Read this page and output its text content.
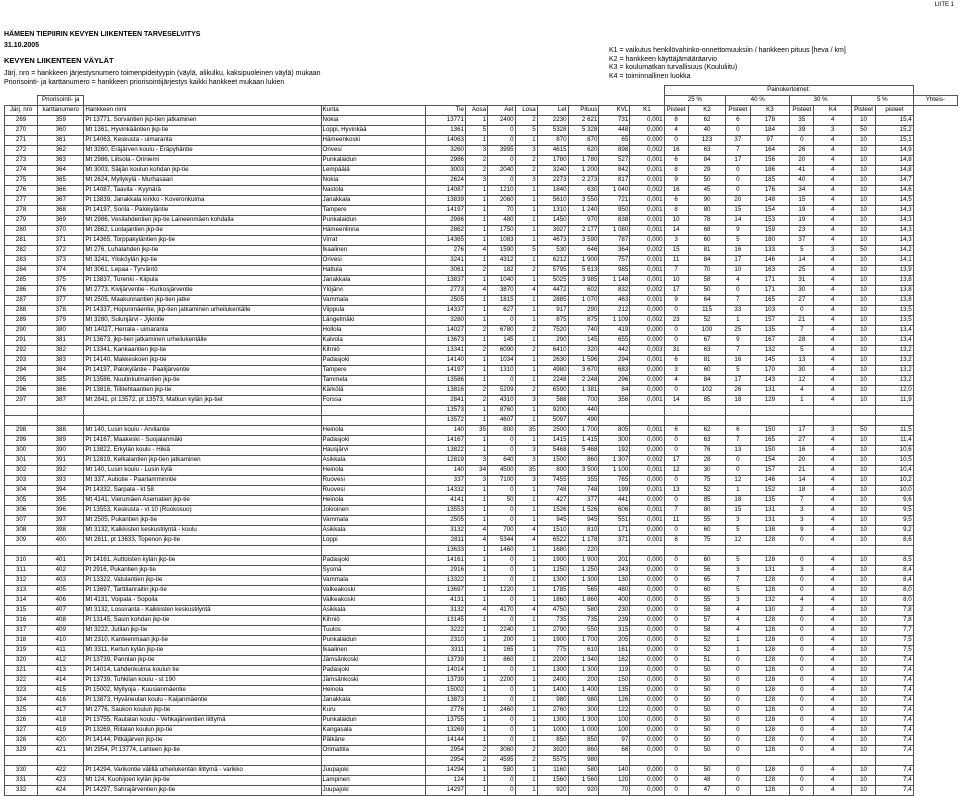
LIITE 1
HÄMEEN TIEPIIRIN KEVYEN LIIKENTEEN TARVESELVITYS
31.10.2005
KEVYEN LIIKENTEEN VÄYLÄT
Järj. nro = hankkeen järjestysnumero toimenpideityypin (väylä, alikulku, kaksipuoleinen väylä) mukaan
Priorisointi- ja karttanumero = hankkeen priorisointijärjestys kaikki hankkeet mukaan lukien
K1 = vaikutus henkilövahinko-onnettomuuksiin / hankkeen pituus [heva / km]
K2 = hankkeen käyttäjämääräarvio
K3 = koulumatkan turvallisuus (Koululiitu)
K4 = toiminnallinen luokka
												Painokertoimet:								
	Priorisointi- ja											25 %		40 %		30 %		5 %		Yhteis-
Järj. nro	karttanumero	Hankkeen nimi	Kunta	Tie	Aosa	Aet	Losa	Let	Pituus	KVL	K1	Pisteet	K2	Pisteet	K3	Pisteet	K4	Pisteet	pisteet	
269	359	Pt 13771, Sorvantien jkp-tien jatkaminen	Nokia	13771	1	2400	2	2230	2 621	731	0,001	8	62	6	178	35	4	10	15,4	
270	360	Mt 1361, Hyvinkääntien jkp-tie	Loppi, Hyvinkää	1361	5	0	5	5328	5 328	448	0,000	4	40	0	184	39	3	50	15,2	
271	361	Pt 14063, Keskusta - uimaranta	Hämeenkoski	14063	1	0	1	870	870	65	0,000	0	123	37	97	0	4	10	15,1	
272	362	Mt 3260, Eräjärven koulu - Eräpyhäntie	Orivesi	3260	3	3995	3	4615	620	898	0,002	16	63	7	164	26	4	10	14,9	
273	363	Mt 2986, Liitsola - Oriniemi	Punkalaidun	2986	2	0	2	1780	1 780	527	0,001	6	84	17	156	20	4	10	14,8	
274	364	Mt 3003, Säijän koulun kohdan jkp-tie	Lempäälä	3003	2	2040	2	3240	1 200	842	0,001	8	29	0	186	41	4	10	14,8	
275	365	Mt 2624, Myllykylä - Murhasaari	Nokia	2624	3	0	3	2273	2 273	817	0,001	9	50	0	185	40	4	10	14,7	
276	366	Pt 14087, Taavila - Kyynärä	Nastola	14087	1	1210	1	1840	630	1 040	0,002	16	45	0	176	34	4	10	14,6	
277	367	Pt 13839, Janakkala kirkko - Koveronkulma	Janakkala	13839	1	2060	1	5610	3 550	721	0,001	6	90	20	148	15	4	10	14,5	
278	368	Pt 14197, Sorila - Palokyläntie	Tampere	14197	1	70	1	1310	1 240	950	0,001	8	80	15	154	19	4	10	14,3	
279	369	Mt 2986, Vesilahdentien jkp-tie Laineenmäen kohdalla	Punkalaidun	2986	1	480	1	1450	970	838	0,001	10	78	14	153	19	4	10	14,3	
280	370	Mt 2862, Luolajantien jkp-tie	Hämeenlinna	2862	1	1750	1	3927	2 177	1 080	0,001	14	68	9	159	23	4	10	14,3	
281	371	Pt 14365, Torppakyläntien jkp-tie	Virrat	14365	1	1083	1	4673	3 590	787	0,000	3	60	5	180	37	4	10	14,3	
282	372	Mt 276, Luhalahden jkp-tie	Ikaalinen	276	4	1590	5	530	646	364	0,002	15	81	16	133	5	3	50	14,2	
283	373	Mt 3241, Ylisköylän jkp-tie	Orivesi	3241	1	4312	1	6212	1 900	757	0,001	11	84	17	146	14	4	10	14,1	
284	374	Mt 3061, Lepaa - Tyrväntö	Hattula	3061	2	182	2	5795	5 613	985	0,001	7	70	10	163	25	4	10	13,9	
285	375	Pt 13837, Turenki - Kiipula	Janakkala	13837	1	1040	1	5025	3 985	1 148	0,001	10	58	4	171	31	4	10	13,8	
286	376	Mt 2773, Kivijärventie - Kurkosjärventie	Ylöjärvi	2773	4	3870	4	4472	602	832	0,002	17	50	0	171	30	4	10	13,8	
287	377	Mt 2505, Maakunnantien jkp-tien jatke	Vammala	2505	1	1815	1	2885	1 070	463	0,001	9	64	7	165	27	4	10	13,8	
288	378	Pt 14337, Hopunmäentie, jkp-tien jatkaminen urheilukentälle	Viippula	14337	1	627	1	917	290	212	0,000	0	115	33	103	0	4	10	13,5	
289	379	Mt 3280, Sulunjärvi - Jykintie	Längelmäki	3280	1	0	1	875	875	1 109	0,002	23	52	1	157	21	4	10	13,5	
290	380	Mt 14027, Herrala - uimaranta	Hollola	14027	2	6780	2	7520	740	419	0,000	0	100	25	135	7	4	10	13,4	
291	381	Pt 13673, jkp-tien jatkaminen urheilukentälle	Kalvola	13673	1	145	1	290	145	655	0,000	0	67	9	167	28	4	10	13,4	
292	382	Pt 13341, Kankaantien jkp-tie	Kihniö	13341	2	6090	2	6410	320	442	0,003	31	63	7	132	5	4	10	13,2	
293	383	Pt 14140, Makkeskoen jkp-tie	Padasjoki	14140	1	1034	1	2630	1 596	294	0,001	6	81	16	145	13	4	10	13,2	
294	384	Pt 14197, Palokyläntie - Paalijärventie	Tampere	14197	1	1310	1	4980	3 670	683	0,000	3	60	5	170	30	4	10	13,2	
295	385	Pt 13586, Nuutinkulmantien jkp-tie	Tammela	13586	1	0	1	2248	2 248	296	0,000	4	84	17	143	12	4	10	13,2	
296	386	Pt 13816, Tiilitehtaantien jkp-tie	Kärkölä	13816	2	5209	2	6590	1 381	84	0,000	0	102	26	131	4	4	10	12,0	
297	387	Mt 2841, pt 13572, pt 13573, Matkun kylän jkp-tiet	Forssa	2841	2	4310	3	588	700	356	0,001	14	85	18	129	1	4	10	11,9	
				13573	1	8760	1	9200	440											
				13572	1	4607	1	5097	490											
298	388	Mt 140, Lusin koulu - Arvilantie	Heinola	140	35	800	35	2500	1 700	805	0,001	6	62	6	150	17	3	50	11,5	
299	389	Pt 14167, Maakeski - Suojalanmäki	Padasjoki	14167	1	0	1	1415	1 415	300	0,000	0	63	7	165	27	4	10	11,4	
300	390	Pt 13822, Erkylän koulu - Hikiä	Hausjärvi	13822	1	0	3	5468	5 468	192	0,000	0	76	13	150	16	4	10	10,6	
301	391	Pt 12819, Kelkalantien jkp-tien jatkaminen	Asikkala	12819	3	640	3	1500	860	1 307	0,002	17	28	0	154	20	4	10	10,5	
302	392	Mt 140, Lusin koulu - Lusin kylä	Heinola	140	34	4500	35	800	3 500	1 100	0,001	12	30	0	157	21	4	10	10,4	
303	393	Mt 337, Autiotie - Paarlamminntie	Ruovesi	337	3	7100	3	7455	355	765	0,000	0	75	12	146	14	4	10	10,2	
304	394	Pt 14332, Sarpala - kt 58	Ruovesi	14332	1	0	1	748	748	199	0,001	13	52	1	152	18	4	10	10,0	
305	395	Mt 4141, Vierumäen Asematien jkp-tie	Heinola	4141	1	50	1	427	377	441	0,000	0	85	18	135	7	4	10	9,6	
306	396	Pt 13553, Keskusta - vt 10 (Ruokosuo)	Jokioinen	13553	1	0	1	1526	1 526	606	0,001	7	80	15	131	3	4	10	9,5	
307	397	Mt 2505, Pukantien jkp-tie	Vammala	2505	1	0	1	945	945	551	0,001	11	55	3	131	3	4	10	9,5	
308	398	Mt 3132, Kalkkisten keskustilyntä - koulu	Asikkala	3132	4	700	4	1510	810	171	0,000	0	60	5	138	9	4	10	9,2	
309	400	Mt 2811, pt 13633, Topenon jkp-tie	Loppi	2811	4	5344	4	6522	1 178	371	0,001	8	75	12	128	0	4	10	8,6	
				13633	1	1460	1	1680	220											
310	401	Pt 14161, Auttoisten kylän jkp-tie	Padasjoki	14161	1	0	1	1900	1 900	201	0,000	0	60	5	128	0	4	10	8,5	
311	402	Pt 2916, Pukantien jkp-tie	Sysmä	2916	1	0	1	1250	1 250	243	0,000	0	56	3	131	3	4	10	8,4	
312	403	Pt 13322, Vatulantien jkp-tie	Vammala	13322	1	0	1	1300	1 300	130	0,000	0	65	7	128	0	4	10	8,4	
313	405	Pt 13697, Tarttilanraitin jkp-tie	Valkeakoski	13697	1	1220	1	1785	565	480	0,000	0	60	5	128	0	4	10	8,0	
314	406	Mt 4131, Voipala - Sopoila	Valkeakoski	4131	1	0	1	1860	1 860	400	0,000	0	55	3	132	4	4	10	8,0	
315	407	Mt 3132, Lossiranta - Kalkkisten keskustilyntä	Asikkala	3132	4	4170	4	4750	580	230	0,000	0	58	4	130	2	4	10	7,8	
316	408	Pt 13145, Sasin kohdan jkp-tie	Kihniö	13145	1	0	1	735	735	239	0,000	0	57	4	128	0	4	10	7,8	
317	409	Mt 3222, Jutilan jkp-tie	Tuulos	3222	1	2240	1	2790	550	315	0,000	0	58	4	128	0	4	10	7,7	
318	410	Mt 2310, Kanteenmaan jkp-tie	Punkalaidun	2310	1	200	1	1900	1 700	205	0,000	0	52	1	128	0	4	10	7,5	
319	411	Mt 3311, Kertun kylän jkp-tie	Ikaalinen	3311	1	165	1	775	610	161	0,000	0	52	1	128	0	4	10	7,5	
320	412	Pt 13739, Pannlan jkp-tie	Jämsänkoski	13739	1	860	1	2200	1 340	162	0,000	0	51	0	128	0	4	10	7,4	
321	413	Pt 14014, Lahdenkulma koulun tie	Padasjoki	14014	1	0	1	1300	1 300	119	0,000	0	50	0	128	0	4	10	7,4	
322	414	Pt 13739, Tuhkilan koulu - st 190	Jämsänkoski	13739	1	2200	1	2400	200	150	0,000	0	50	0	128	0	4	10	7,4	
323	415	Pt 15002, Myllyoja - Kuusianmäentie	Heinola	15002	1	0	1	1400	1 400	135	0,000	0	50	0	128	0	4	10	7,4	
324	416	Pt 13873, Hyväneulan koulu - Kaijanmäentie	Janakkala	13873	1	0	1	980	980	126	0,000	0	50	0	128	0	4	10	7,4	
325	417	Mt 2776, Saukon koulun jkp-tie	Kuru	2776	1	2460	1	2760	300	122	0,000	0	50	0	128	0	4	10	7,4	
326	418	Pt 13755, Rautalan koulu - Vehkajärventien liittymä	Punkalaidun	13755	1	0	1	1300	1 300	100	0,000	0	50	0	128	0	4	10	7,4	
327	419	Pt 13269, Riitalan koulun jkp-tie	Kangasala	13269	1	0	1	1000	1 000	100	0,000	0	50	0	128	0	4	10	7,4	
328	420	Pt 14144, Pitkäjärven jkp-tie	Pälkäne	14144	1	0	1	850	850	97	0,000	0	50	0	128	0	4	10	7,4	
329	421	Mt 2954, Pt 13774, Lahteen jkp-tie	Orimattila	2954	2	3060	2	3920	860	66	0,000	0	50	0	128	0	4	10	7,4	
				2954	2	4595	2	5575	980											
330	422	Pt 14294, Varikontie välillä urheilukentän liittymä - varikko	Juupajoki	14294	1	580	1	1160	580	140	0,000	0	50	0	128	0	4	10	7,4	
331	423	Mt 124, Kuohijoen kylän jkp-tie	Lampinen	124	1	0	1	1560	1 560	120	0,000	0	48	0	128	0	4	10	7,4	
332	424	Pt 14297, Sahrajärventien jkp-tie	Juupajoki	14297	1	0	1	920	920	70	0,000	0	47	0	128	0	4	10	7,4	
